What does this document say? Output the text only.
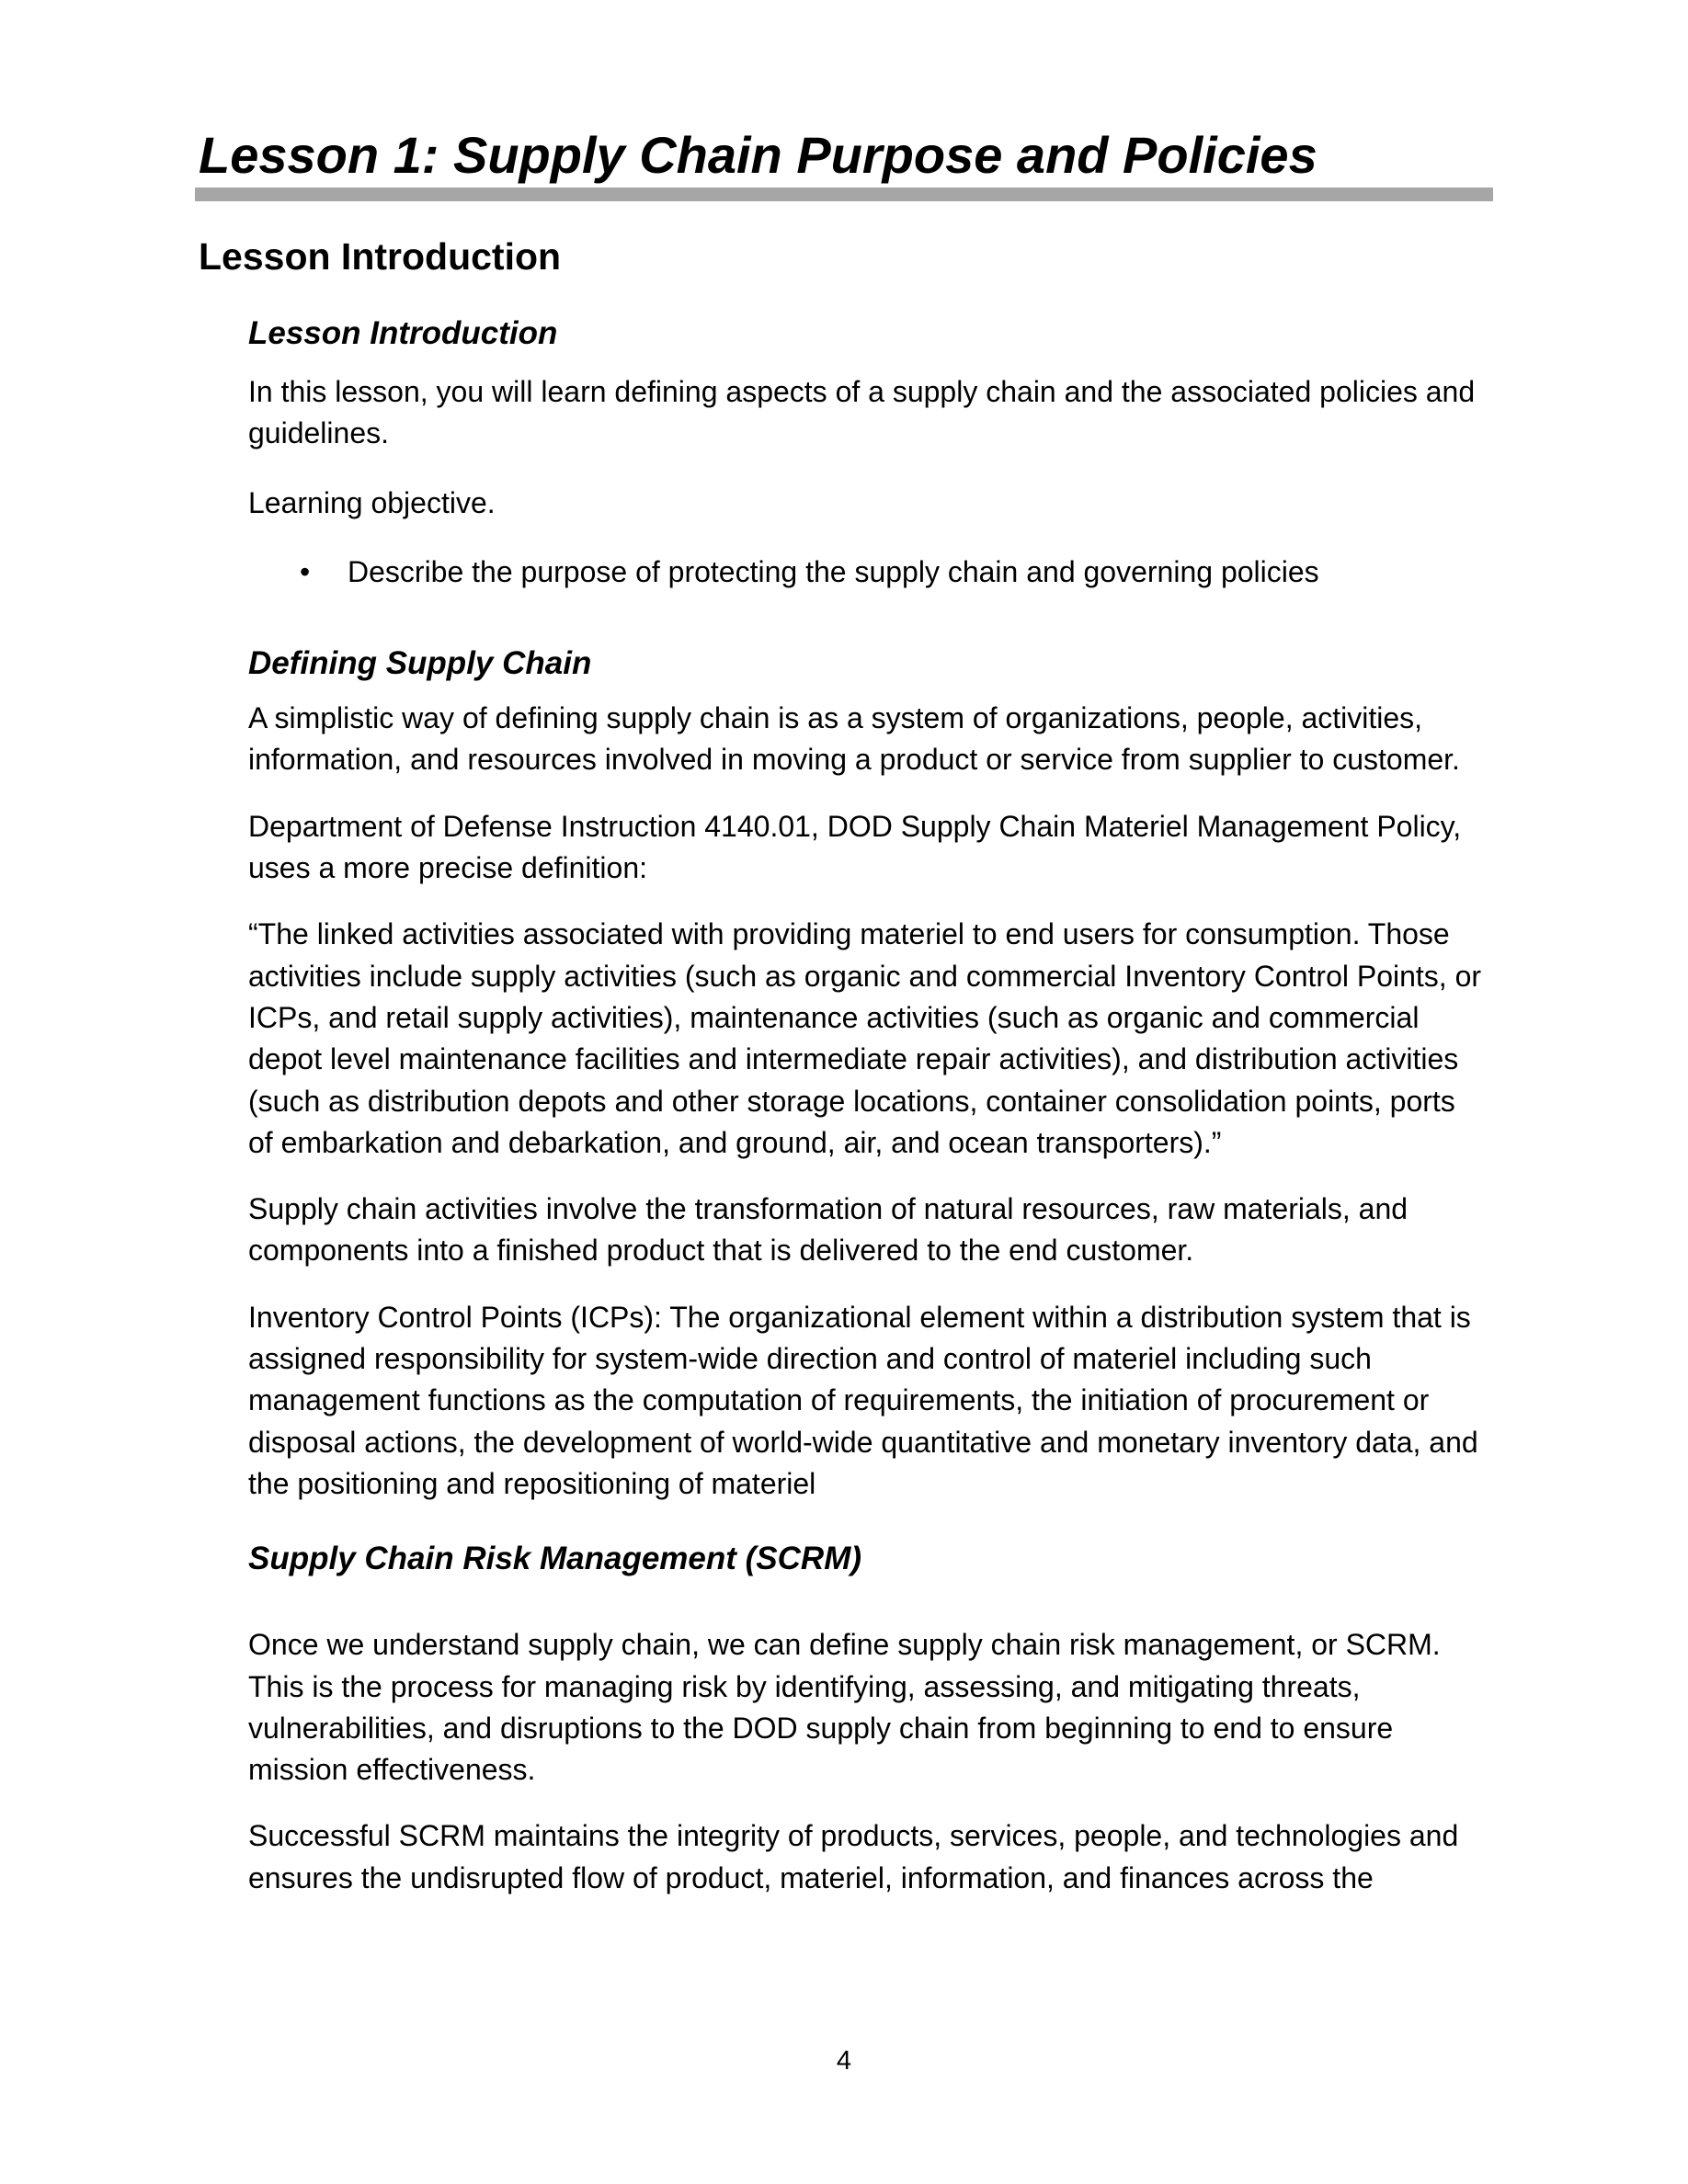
Lesson 1: Supply Chain Purpose and Policies
Lesson Introduction
Lesson Introduction

In this lesson, you will learn defining aspects of a supply chain and the associated policies and guidelines.

Learning objective.

• Describe the purpose of protecting the supply chain and governing policies
Defining Supply Chain

A simplistic way of defining supply chain is as a system of organizations, people, activities, information, and resources involved in moving a product or service from supplier to customer.

Department of Defense Instruction 4140.01, DOD Supply Chain Materiel Management Policy, uses a more precise definition:

“The linked activities associated with providing materiel to end users for consumption. Those activities include supply activities (such as organic and commercial Inventory Control Points, or ICPs, and retail supply activities), maintenance activities (such as organic and commercial depot level maintenance facilities and intermediate repair activities), and distribution activities (such as distribution depots and other storage locations, container consolidation points, ports of embarkation and debarkation, and ground, air, and ocean transporters).”

Supply chain activities involve the transformation of natural resources, raw materials, and components into a finished product that is delivered to the end customer.

Inventory Control Points (ICPs): The organizational element within a distribution system that is assigned responsibility for system-wide direction and control of materiel including such management functions as the computation of requirements, the initiation of procurement or disposal actions, the development of world-wide quantitative and monetary inventory data, and the positioning and repositioning of materiel

Supply Chain Risk Management (SCRM)

Once we understand supply chain, we can define supply chain risk management, or SCRM. This is the process for managing risk by identifying, assessing, and mitigating threats, vulnerabilities, and disruptions to the DOD supply chain from beginning to end to ensure mission effectiveness.

Successful SCRM maintains the integrity of products, services, people, and technologies and ensures the undisrupted flow of product, materiel, information, and finances across the

4
